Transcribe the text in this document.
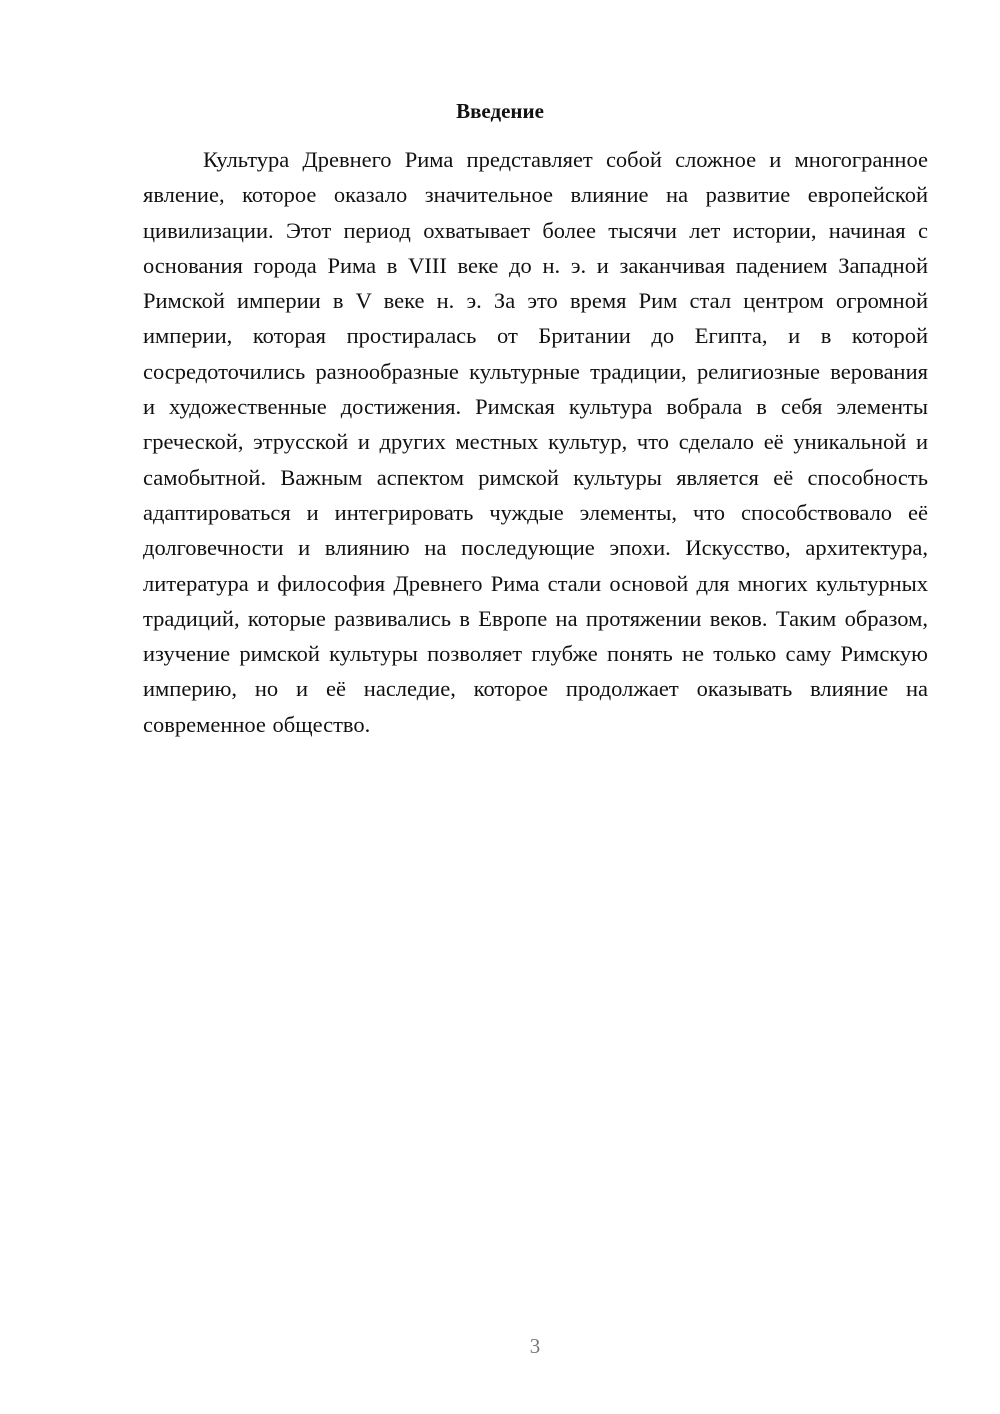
Введение

Культура Древнего Рима представляет собой сложное и многогранное явление, которое оказало значительное влияние на развитие европейской цивилизации. Этот период охватывает более тысячи лет истории, начиная с основания города Рима в VIII веке до н. э. и заканчивая падением Западной Римской империи в V веке н. э. За это время Рим стал центром огромной империи, которая простиралась от Британии до Египта, и в которой сосредоточились разнообразные культурные традиции, религиозные верования и художественные достижения. Римская культура вобрала в себя элементы греческой, этрусской и других местных культур, что сделало её уникальной и самобытной. Важным аспектом римской культуры является её способность адаптироваться и интегрировать чуждые элементы, что способствовало её долговечности и влиянию на последующие эпохи. Искусство, архитектура, литература и философия Древнего Рима стали основой для многих культурных традиций, которые развивались в Европе на протяжении веков. Таким образом, изучение римской культуры позволяет глубже понять не только саму Римскую империю, но и её наследие, которое продолжает оказывать влияние на современное общество.

3
